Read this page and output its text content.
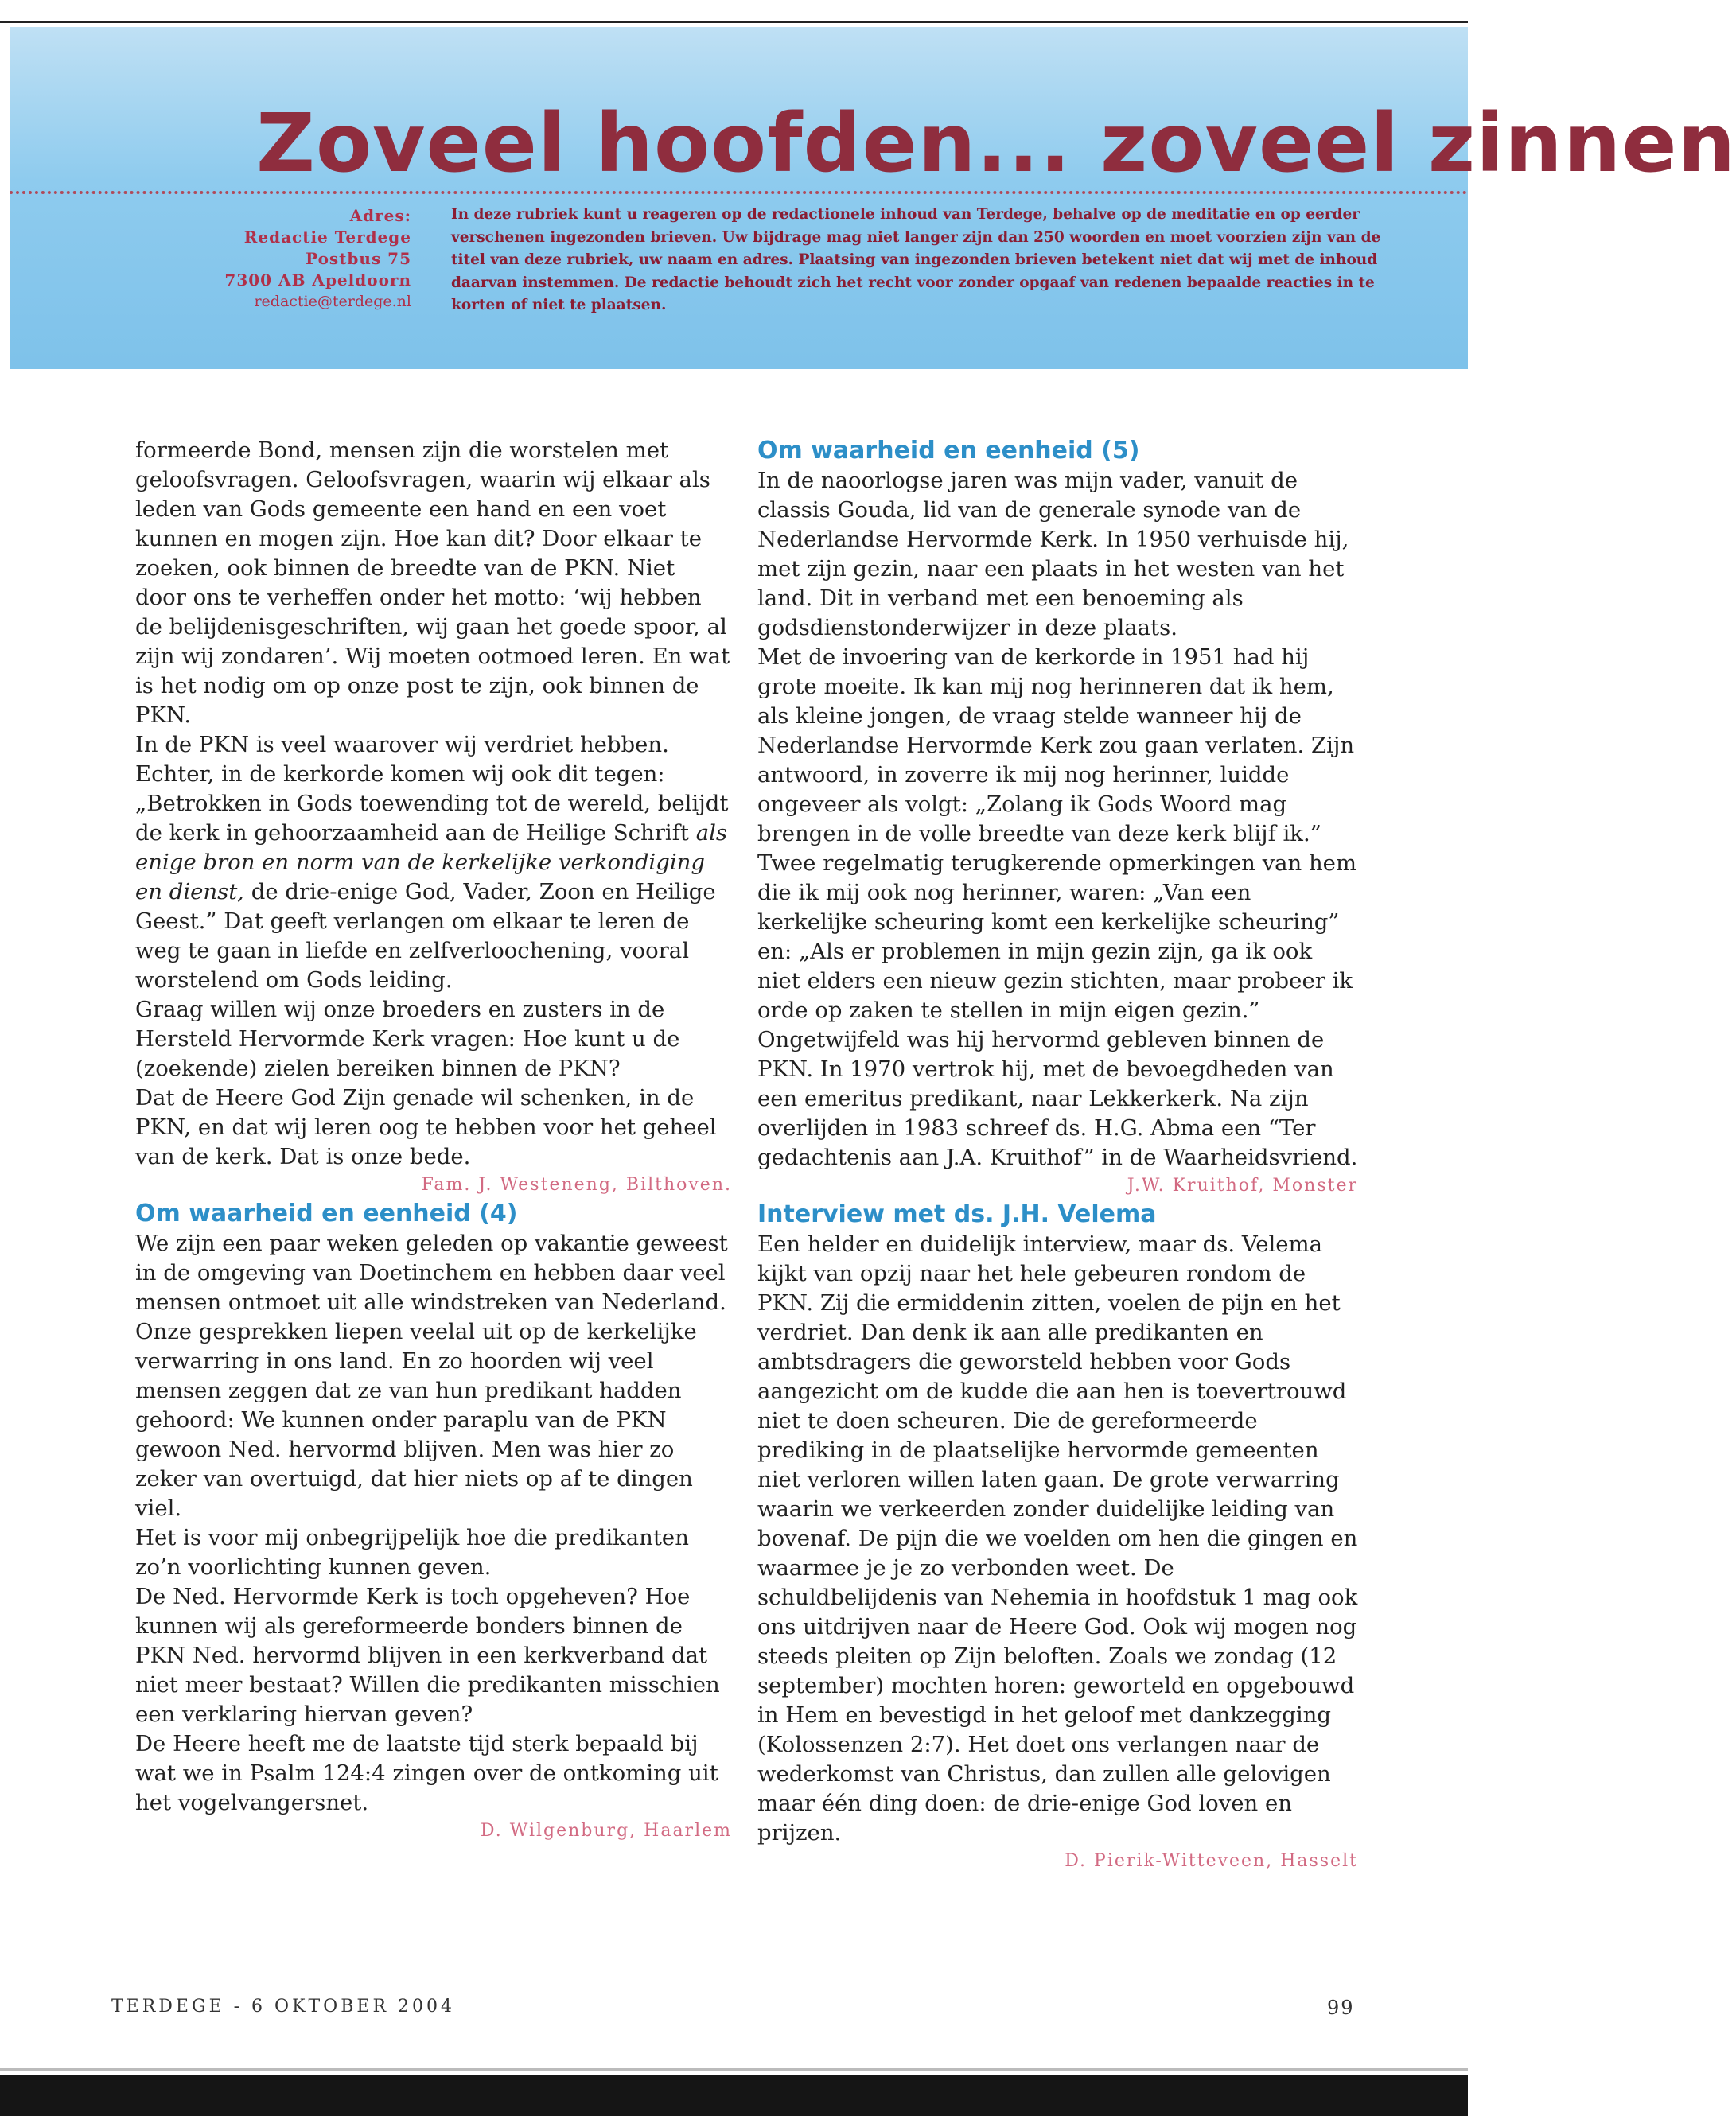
Zoveel hoofden... zoveel zinnen
Adres:
Redactie Terdege
Postbus 75
7300 AB Apeldoorn
redactie@terdege.nl
In deze rubriek kunt u reageren op de redactionele inhoud van Terdege, behalve op de meditatie en op eerder verschenen ingezonden brieven. Uw bijdrage mag niet langer zijn dan 250 woorden en moet voorzien zijn van de titel van deze rubriek, uw naam en adres. Plaatsing van ingezonden brieven betekent niet dat wij met de inhoud daarvan instemmen. De redactie behoudt zich het recht voor zonder opgaaf van redenen bepaalde reacties in te korten of niet te plaatsen.

formeerde Bond, mensen zijn die worstelen met geloofsvragen. Geloofsvragen, waarin wij elkaar als leden van Gods gemeente een hand en een voet kunnen en mogen zijn. Hoe kan dit? Door elkaar te zoeken, ook binnen de breedte van de PKN. Niet door ons te verheffen onder het motto: ‘wij hebben de belijdenisgeschriften, wij gaan het goede spoor, al zijn wij zondaren’. Wij moeten ootmoed leren. En wat is het nodig om op onze post te zijn, ook binnen de PKN.

In de PKN is veel waarover wij verdriet hebben. Echter, in de kerkorde komen wij ook dit tegen: „Betrokken in Gods toewending tot de wereld, belijdt de kerk in gehoorzaamheid aan de Heilige Schrift als enige bron en norm van de kerkelijke verkondiging en dienst, de drie-enige God, Vader, Zoon en Heilige Geest.” Dat geeft verlangen om elkaar te leren de weg te gaan in liefde en zelfverloochening, vooral worstelend om Gods leiding.

Graag willen wij onze broeders en zusters in de Hersteld Hervormde Kerk vragen: Hoe kunt u de (zoekende) zielen bereiken binnen de PKN?

Dat de Heere God Zijn genade wil schenken, in de PKN, en dat wij leren oog te hebben voor het geheel van de kerk. Dat is onze bede.

Fam. J. Westeneng, Bilthoven.

Om waarheid en eenheid (4)

We zijn een paar weken geleden op vakantie geweest in de omgeving van Doetinchem en hebben daar veel mensen ontmoet uit alle windstreken van Nederland. Onze gesprekken liepen veelal uit op de kerkelijke verwarring in ons land. En zo hoorden wij veel mensen zeggen dat ze van hun predikant hadden gehoord: We kunnen onder paraplu van de PKN gewoon Ned. hervormd blijven. Men was hier zo zeker van overtuigd, dat hier niets op af te dingen viel.

Het is voor mij onbegrijpelijk hoe die predikanten zo’n voorlichting kunnen geven.

De Ned. Hervormde Kerk is toch opgeheven? Hoe kunnen wij als gereformeerde bonders binnen de PKN Ned. hervormd blijven in een kerkverband dat niet meer bestaat? Willen die predikanten misschien een verklaring hiervan geven?

De Heere heeft me de laatste tijd sterk bepaald bij wat we in Psalm 124:4 zingen over de ontkoming uit het vogelvangersnet.

D. Wilgenburg, Haarlem

Om waarheid en eenheid (5)

In de naoorlogse jaren was mijn vader, vanuit de classis Gouda, lid van de generale synode van de Nederlandse Hervormde Kerk. In 1950 verhuisde hij, met zijn gezin, naar een plaats in het westen van het land. Dit in verband met een benoeming als godsdienstonderwijzer in deze plaats.

Met de invoering van de kerkorde in 1951 had hij grote moeite. Ik kan mij nog herinneren dat ik hem, als kleine jongen, de vraag stelde wanneer hij de Nederlandse Hervormde Kerk zou gaan verlaten. Zijn antwoord, in zoverre ik mij nog herinner, luidde ongeveer als volgt: „Zolang ik Gods Woord mag brengen in de volle breedte van deze kerk blijf ik.” Twee regelmatig terugkerende opmerkingen van hem die ik mij ook nog herinner, waren: „Van een kerkelijke scheuring komt een kerkelijke scheuring” en: „Als er problemen in mijn gezin zijn, ga ik ook niet elders een nieuw gezin stichten, maar probeer ik orde op zaken te stellen in mijn eigen gezin.”

Ongetwijfeld was hij hervormd gebleven binnen de PKN. In 1970 vertrok hij, met de bevoegdheden van een emeritus predikant, naar Lekkerkerk. Na zijn overlijden in 1983 schreef ds. H.G. Abma een “Ter gedachtenis aan J.A. Kruithof” in de Waarheidsvriend.

J.W. Kruithof, Monster

Interview met ds. J.H. Velema

Een helder en duidelijk interview, maar ds. Velema kijkt van opzij naar het hele gebeuren rondom de PKN. Zij die ermiddenin zitten, voelen de pijn en het verdriet. Dan denk ik aan alle predikanten en ambtsdragers die geworsteld hebben voor Gods aangezicht om de kudde die aan hen is toevertrouwd niet te doen scheuren. Die de gereformeerde prediking in de plaatselijke hervormde gemeenten niet verloren willen laten gaan. De grote verwarring waarin we verkeerden zonder duidelijke leiding van bovenaf. De pijn die we voelden om hen die gingen en waarmee je je zo verbonden weet. De schuldbelijdenis van Nehemia in hoofdstuk 1 mag ook ons uitdrijven naar de Heere God. Ook wij mogen nog steeds pleiten op Zijn beloften. Zoals we zondag (12 september) mochten horen: geworteld en opgebouwd in Hem en bevestigd in het geloof met dankzegging (Kolossenzen 2:7). Het doet ons verlangen naar de wederkomst van Christus, dan zullen alle gelovigen maar één ding doen: de drie-enige God loven en prijzen.

D. Pierik-Witteveen, Hasselt

TERDEGE - 6 OKTOBER 2004	99
